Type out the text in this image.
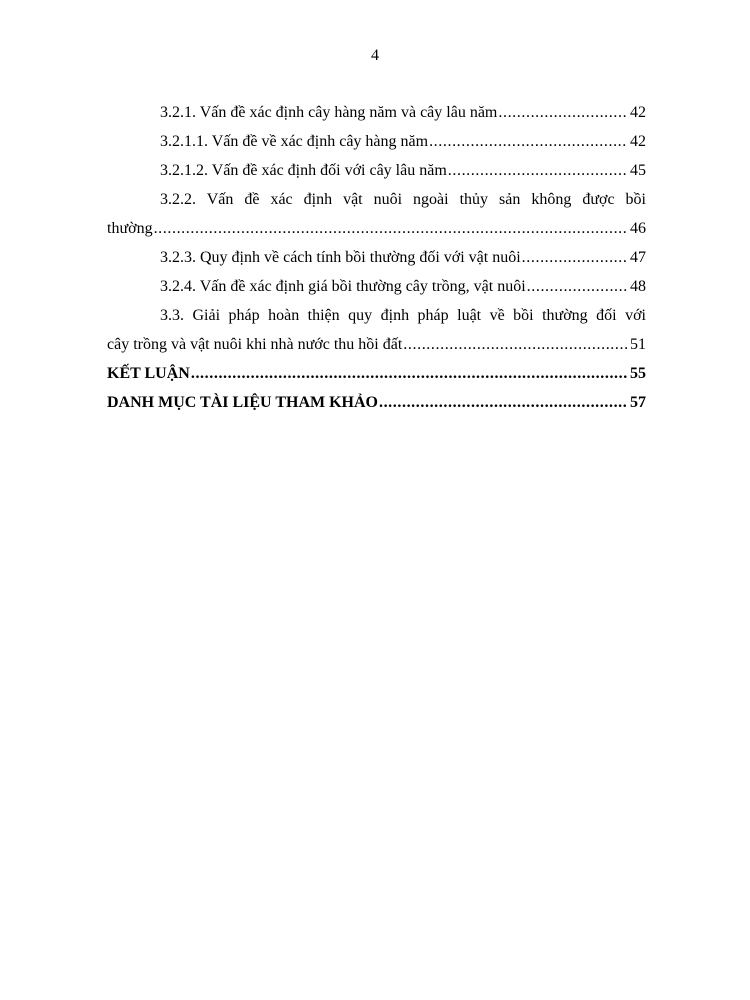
4
3.2.1. Vấn đề xác định cây hàng năm và cây lâu năm .....	42
3.2.1.1. Vấn đề về xác định cây hàng năm .....	42
3.2.1.2. Vấn đề xác định đối với cây lâu năm .....	45
3.2.2. Vấn đề xác định vật nuôi ngoài thủy sản không được bồi
thường .....	46
3.2.3. Quy định về cách tính bồi thường đối với vật nuôi .....	47
3.2.4. Vấn đề xác định giá bồi thường cây trồng, vật nuôi .....	48
3.3. Giải pháp hoàn thiện quy định pháp luật về bồi thường đối với
cây trồng và vật nuôi khi nhà nước thu hồi đất .....	51
KẾT LUẬN .....	55
DANH MỤC TÀI LIỆU THAM KHẢO .....	57
